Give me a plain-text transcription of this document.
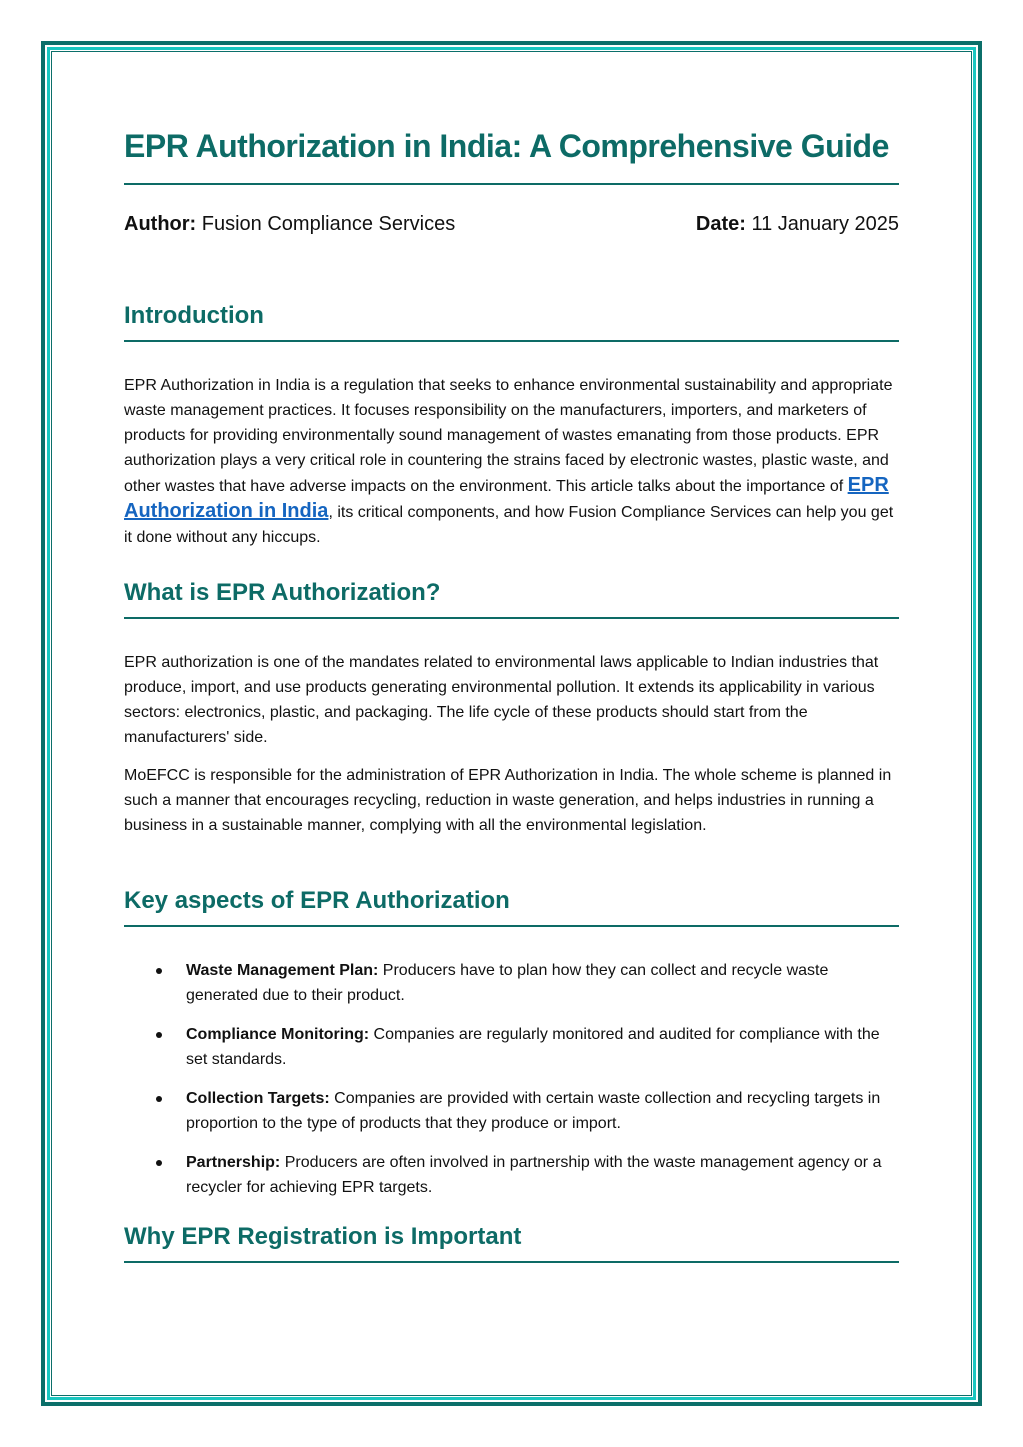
EPR Authorization in India: A Comprehensive Guide
Author: Fusion Compliance Services	Date: 11 January 2025
Introduction

EPR Authorization in India is a regulation that seeks to enhance environmental sustainability and appropriate waste management practices. It focuses responsibility on the manufacturers, importers, and marketers of products for providing environmentally sound management of wastes emanating from those products. EPR authorization plays a very critical role in countering the strains faced by electronic wastes, plastic waste, and other wastes that have adverse impacts on the environment. This article talks about the importance of EPR Authorization in India, its critical components, and how Fusion Compliance Services can help you get it done without any hiccups.

What is EPR Authorization?

EPR authorization is one of the mandates related to environmental laws applicable to Indian industries that produce, import, and use products generating environmental pollution. It extends its applicability in various sectors: electronics, plastic, and packaging. The life cycle of these products should start from the manufacturers' side.

MoEFCC is responsible for the administration of EPR Authorization in India. The whole scheme is planned in such a manner that encourages recycling, reduction in waste generation, and helps industries in running a business in a sustainable manner, complying with all the environmental legislation.

Key aspects of EPR Authorization
Waste Management Plan: Producers have to plan how they can collect and recycle waste generated due to their product.
Compliance Monitoring: Companies are regularly monitored and audited for compliance with the set standards.
Collection Targets: Companies are provided with certain waste collection and recycling targets in proportion to the type of products that they produce or import.
Partnership: Producers are often involved in partnership with the waste management agency or a recycler for achieving EPR targets.
Why EPR Registration is Important
